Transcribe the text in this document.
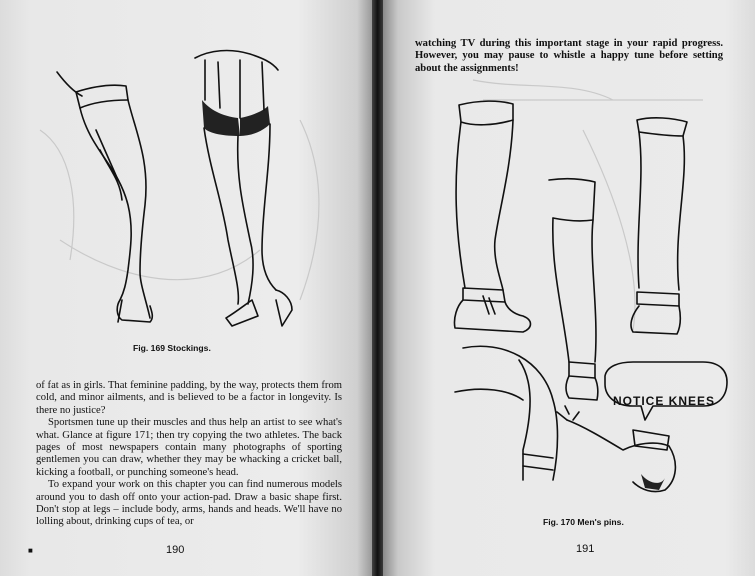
Fig. 169 Stockings.

of fat as in girls. That feminine padding, by the way, protects them from cold, and minor ailments, and is believed to be a factor in longevity. Is there no justice?

Sportsmen tune up their muscles and thus help an artist to see what's what. Glance at figure 171; then try copying the two athletes. The back pages of most newspapers contain many photographs of sporting gentlemen you can draw, whether they may be whacking a cricket ball, kicking a football, or punching someone's head.

To expand your work on this chapter you can find numerous models around you to dash off onto your action-pad. Draw a basic shape first. Don't stop at legs – include body, arms, hands and heads. We'll have no lolling about, drinking cups of tea, or

■	190

watching TV during this important stage in your rapid progress. However, you may pause to whistle a happy tune before setting about the assignments!

NOTICE KNEES
Fig. 170 Men's pins.
191
